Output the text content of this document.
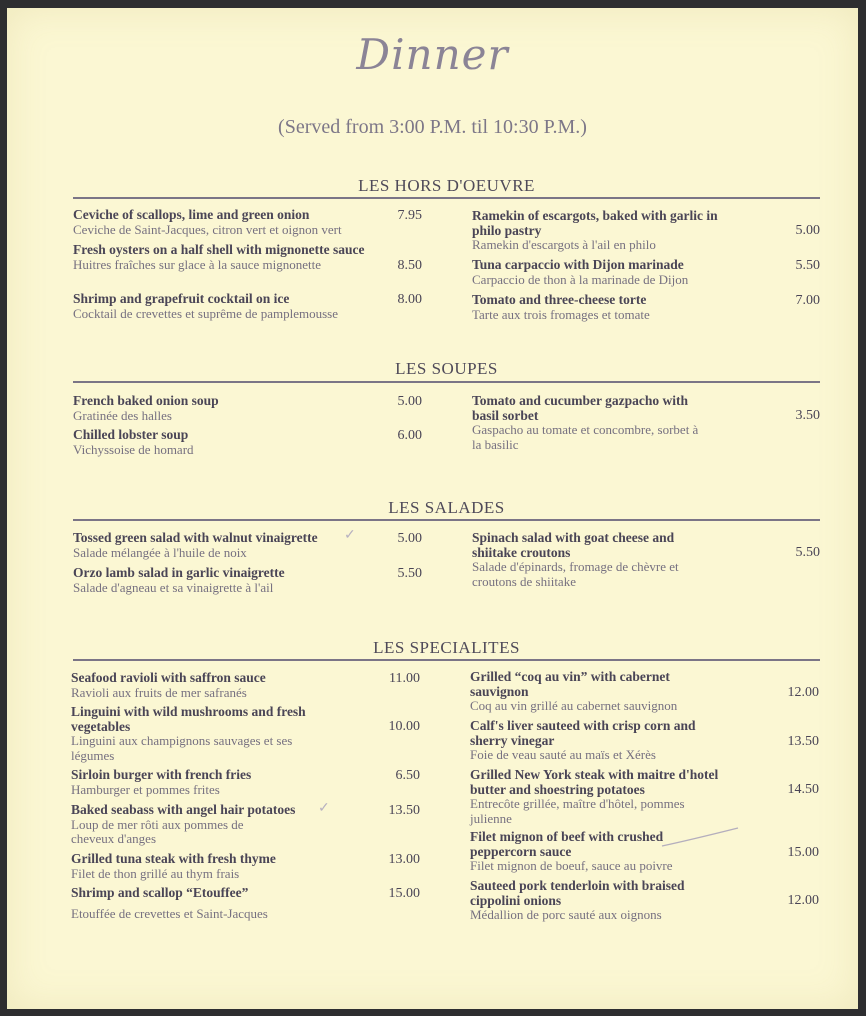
Dinner
(Served from 3:00 P.M. til 10:30 P.M.)
LES HORS D'OEUVRE
Ceviche of scallops, lime and green onion
Ceviche de Saint-Jacques, citron vert et oignon vert
7.95
Fresh oysters on a half shell with mignonette sauce
Huitres fraîches sur glace à la sauce mignonette	8.50
Shrimp and grapefruit cocktail on ice
Cocktail de crevettes et suprême de pamplemousse
8.00
Ramekin of escargots, baked with garlic in philo pastry
Ramekin d'escargots à l'ail en philo
5.00
Tuna carpaccio with Dijon marinade
Carpaccio de thon à la marinade de Dijon
5.50
Tomato and three-cheese torte
Tarte aux trois fromages et tomate
7.00
LES SOUPES
French baked onion soup
Gratinée des halles
5.00
Chilled lobster soup
Vichyssoise de homard
6.00
Tomato and cucumber gazpacho with basil sorbet
Gaspacho au tomate et concombre, sorbet à la basilic
3.50
LES SALADES
Tossed green salad with walnut vinaigrette
Salade mélangée à l'huile de noix
✓	5.00
Orzo lamb salad in garlic vinaigrette
Salade d'agneau et sa vinaigrette à l'ail
5.50
Spinach salad with goat cheese and shiitake croutons
Salade d'épinards, fromage de chèvre et croutons de shiitake
5.50
LES SPECIALITES
Seafood ravioli with saffron sauce
Ravioli aux fruits de mer safranés
11.00
Linguini with wild mushrooms and fresh vegetables
Linguini aux champignons sauvages et ses légumes
10.00
Sirloin burger with french fries
Hamburger et pommes frites
6.50
Baked seabass with angel hair potatoes
Loup de mer rôti aux pommes de cheveux d'anges
✓	13.50
Grilled tuna steak with fresh thyme
Filet de thon grillé au thym frais
13.00
Shrimp and scallop “Etouffee”
Etouffée de crevettes et Saint-Jacques
15.00
Grilled “coq au vin” with cabernet sauvignon
Coq au vin grillé au cabernet sauvignon
12.00
Calf's liver sauteed with crisp corn and sherry vinegar
Foie de veau sauté au maïs et Xérès
13.50
Grilled New York steak with maitre d'hotel butter and shoestring potatoes
Entrecôte grillée, maître d'hôtel, pommes julienne
14.50
Filet mignon of beef with crushed peppercorn sauce
Filet mignon de boeuf, sauce au poivre
15.00
Sauteed pork tenderloin with braised cippolini onions
Médallion de porc sauté aux oignons
12.00
